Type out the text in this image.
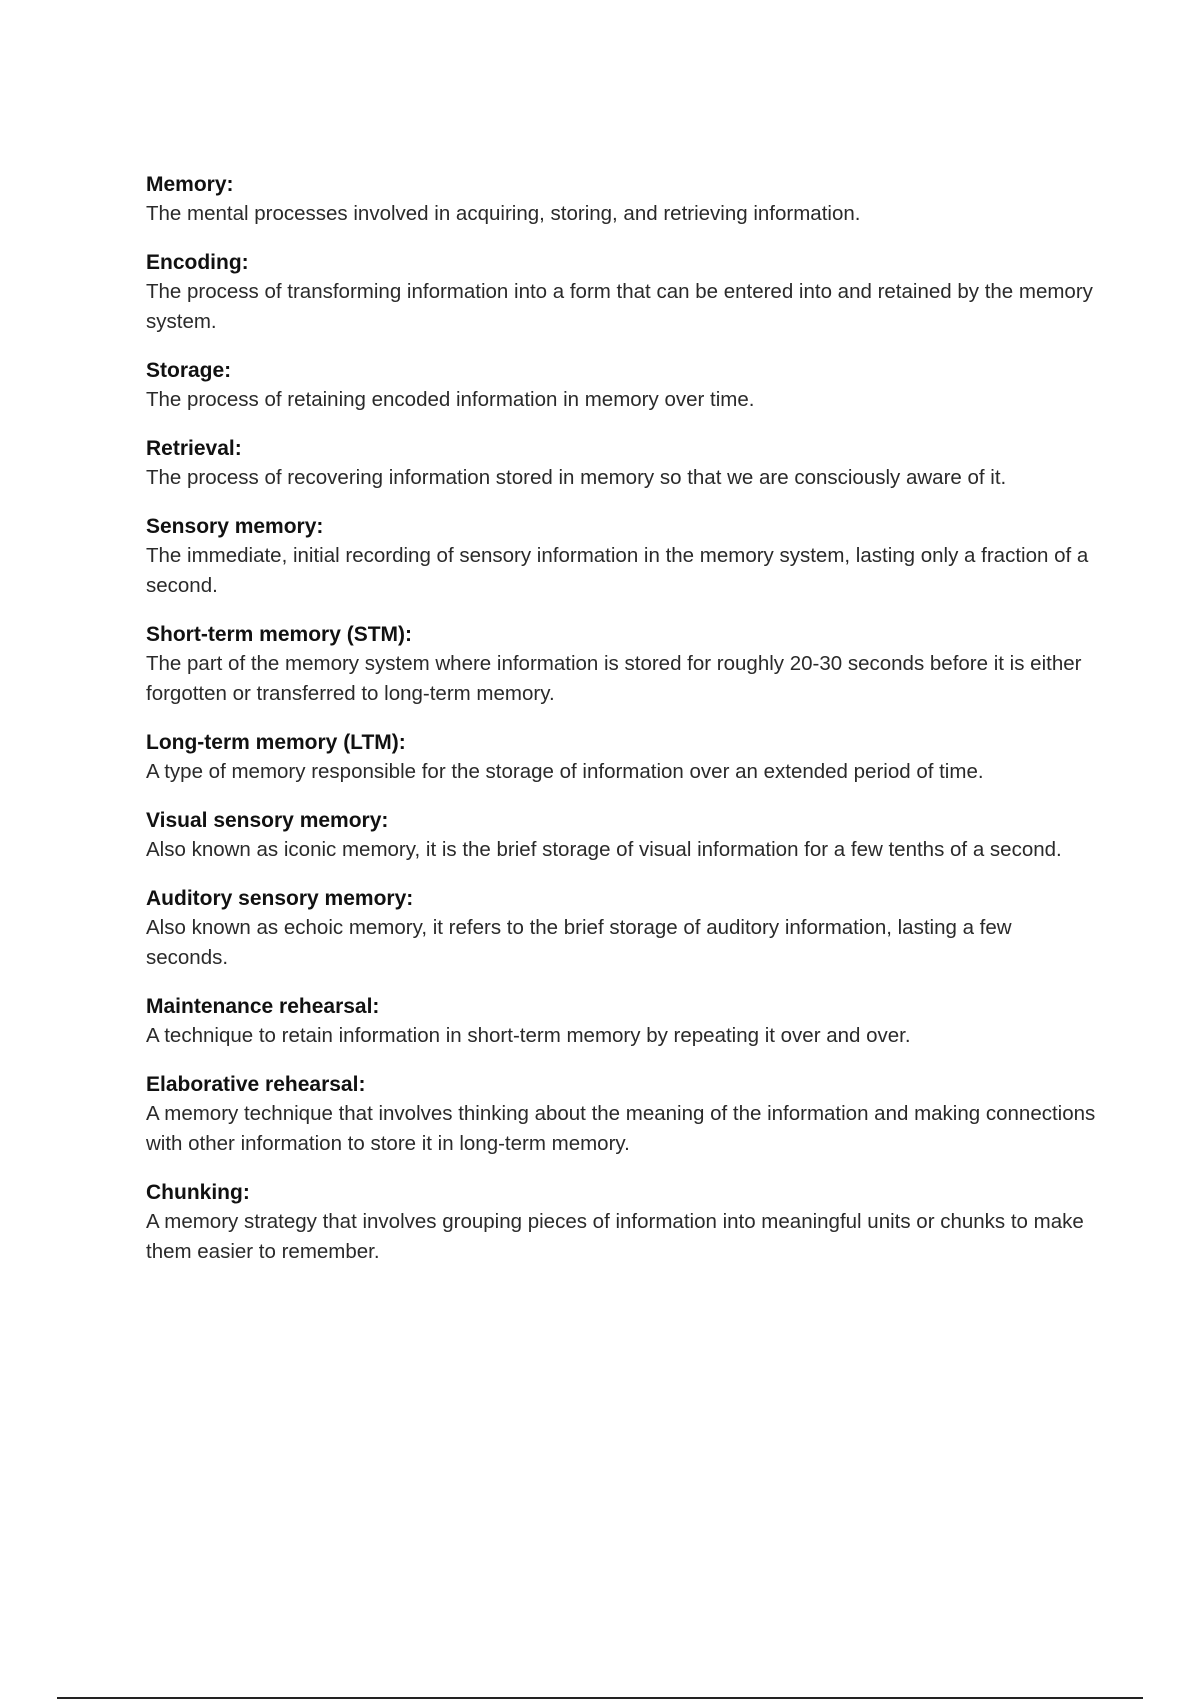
Memory:
The mental processes involved in acquiring, storing, and retrieving information.
Encoding:
The process of transforming information into a form that can be entered into and retained by the memory system.
Storage:
The process of retaining encoded information in memory over time.
Retrieval:
The process of recovering information stored in memory so that we are consciously aware of it.
Sensory memory:
The immediate, initial recording of sensory information in the memory system, lasting only a fraction of a second.
Short-term memory (STM):
The part of the memory system where information is stored for roughly 20-30 seconds before it is either forgotten or transferred to long-term memory.
Long-term memory (LTM):
A type of memory responsible for the storage of information over an extended period of time.
Visual sensory memory:
Also known as iconic memory, it is the brief storage of visual information for a few tenths of a second.
Auditory sensory memory:
Also known as echoic memory, it refers to the brief storage of auditory information, lasting a few seconds.
Maintenance rehearsal:
A technique to retain information in short-term memory by repeating it over and over.
Elaborative rehearsal:
A memory technique that involves thinking about the meaning of the information and making connections with other information to store it in long-term memory.
Chunking:
A memory strategy that involves grouping pieces of information into meaningful units or chunks to make them easier to remember.
